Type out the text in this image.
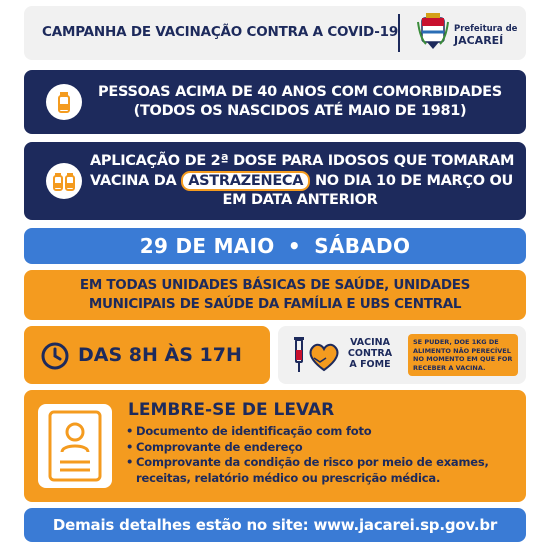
CAMPANHA DE VACINAÇÃO CONTRA A COVID-19	Prefeitura de
JACAREÍ
PESSOAS ACIMA DE 40 ANOS COM COMORBIDADES
(TODOS OS NASCIDOS ATÉ MAIO DE 1981)
APLICAÇÃO DE 2ª DOSE PARA IDOSOS QUE TOMARAM
VACINA DA ASTRAZENECA NO DIA 10 DE MARÇO OU
EM DATA ANTERIOR
29 DE MAIO • SÁBADO
EM TODAS UNIDADES BÁSICAS DE SAÚDE, UNIDADES
MUNICIPAIS DE SAÚDE DA FAMÍLIA E UBS CENTRAL
DAS 8H ÀS 17H
VACINA
CONTRA
A FOME
SE PUDER, DOE 1KG DE ALIMENTO NÃO PERECÍVEL NO MOMENTO EM QUE FOR RECEBER A VACINA.
LEMBRE-SE DE LEVAR
• Documento de identificação com foto
• Comprovante de endereço
• Comprovante da condição de risco por meio de exames,
receitas, relatório médico ou prescrição médica.
Demais detalhes estão no site: www.jacarei.sp.gov.br
